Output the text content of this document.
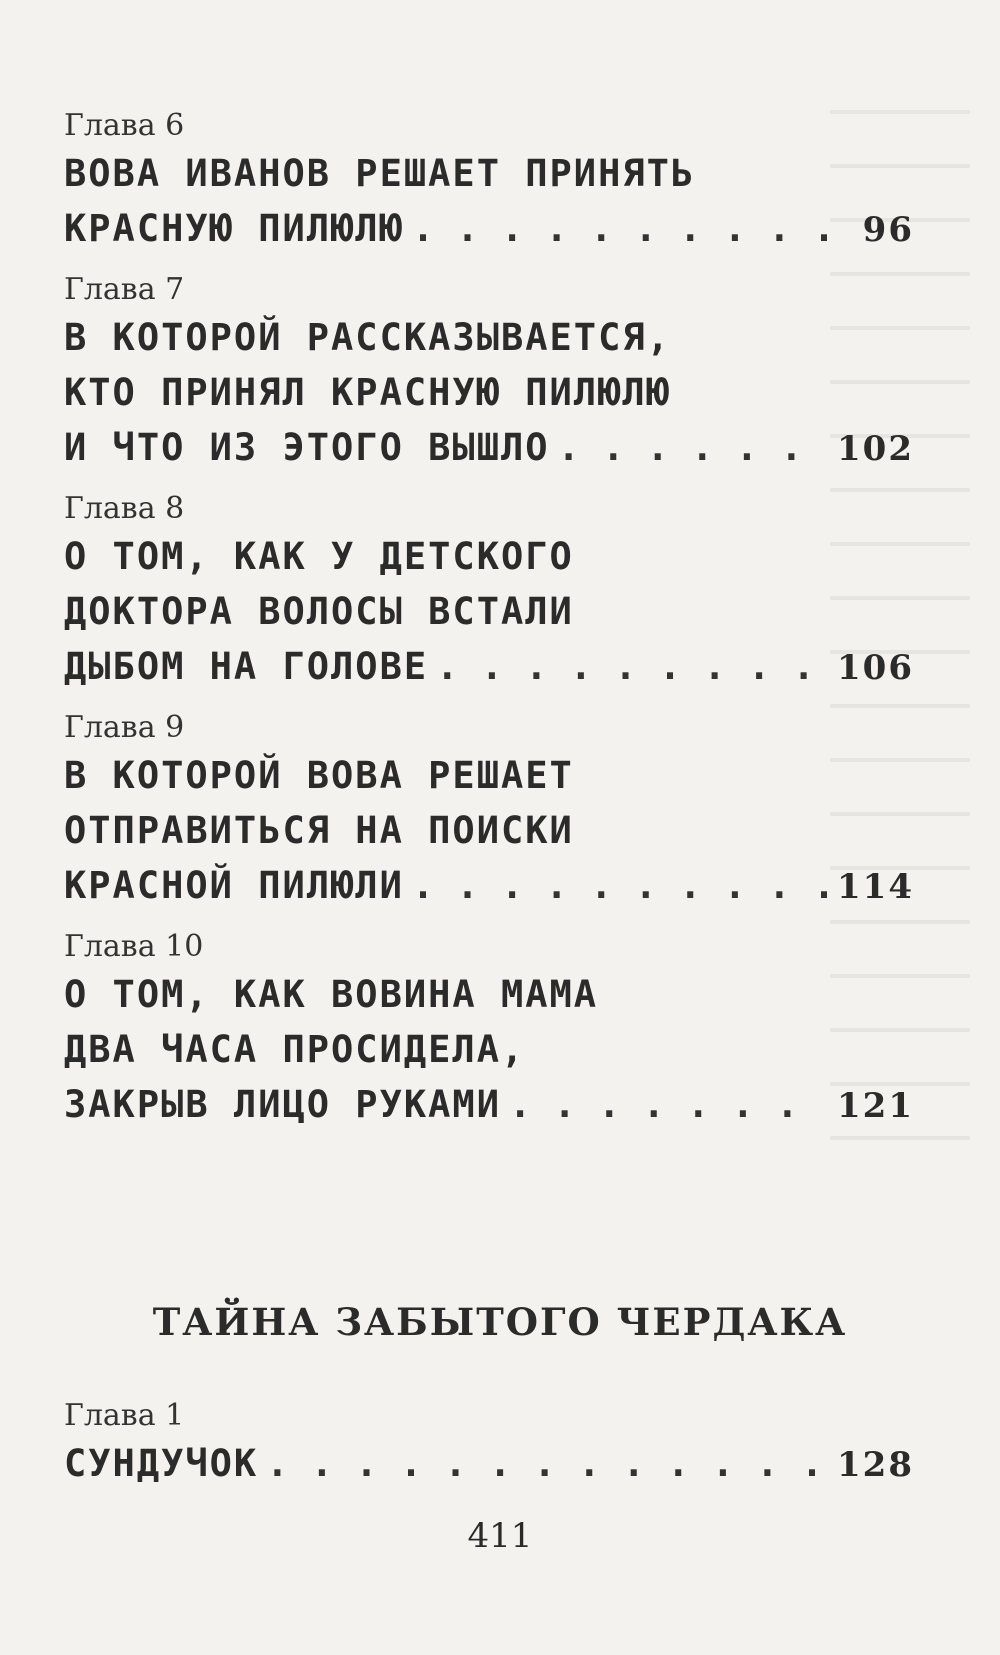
Глава 6
ВОВА ИВАНОВ РЕШАЕТ ПРИНЯТЬ
КРАСНУЮ ПИЛЮЛЮ . . .	96
Глава 7
В КОТОРОЙ РАССКАЗЫВАЕТСЯ,
КТО ПРИНЯЛ КРАСНУЮ ПИЛЮЛЮ
И ЧТО ИЗ ЭТОГО ВЫШЛО . . .	102
Глава 8
О ТОМ, КАК У ДЕТСКОГО
ДОКТОРА ВОЛОСЫ ВСТАЛИ
ДЫБОМ НА ГОЛОВЕ . . .	106
Глава 9
В КОТОРОЙ ВОВА РЕШАЕТ
ОТПРАВИТЬСЯ НА ПОИСКИ
КРАСНОЙ ПИЛЮЛИ . . .	114
Глава 10
О ТОМ, КАК ВОВИНА МАМА
ДВА ЧАСА ПРОСИДЕЛА,
ЗАКРЫВ ЛИЦО РУКАМИ . . .	121
ТАЙНА ЗАБЫТОГО ЧЕРДАКА
Глава 1
СУНДУЧОК . . .	128
411
